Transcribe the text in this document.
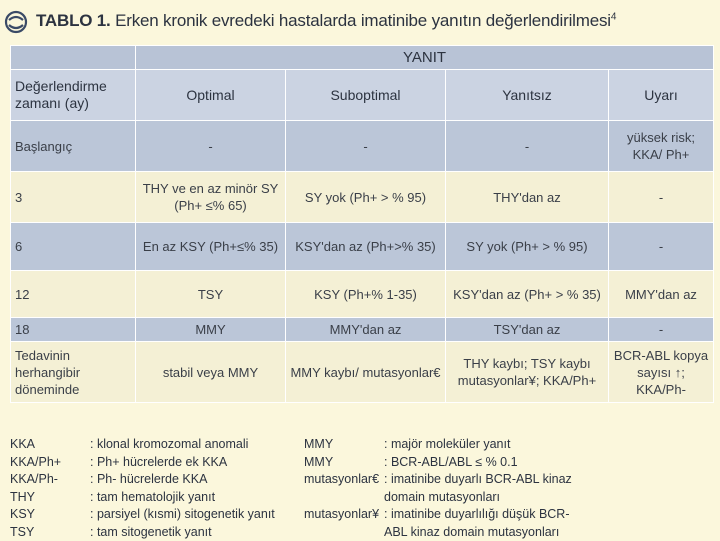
TABLO 1. Erken kronik evredeki hastalarda imatinibe yanıtın değerlendirilmesi$^4$
	YANIT			
Değerlendirme zamanı (ay)	Optimal	Suboptimal	Yanıtsız	Uyarı
Başlangıç	-	-	-	yüksek risk; KKA/ Ph+
3	THY ve en az minör SY (Ph+ ≤% 65)	SY yok (Ph+ > % 95)	THY'dan az	-
6	En az KSY (Ph+≤% 35)	KSY'dan az (Ph+>% 35)	SY yok (Ph+ > % 95)	-
12	TSY	KSY (Ph+% 1-35)	KSY'dan az (Ph+ > % 35)	MMY'dan az
18	MMY	MMY'dan az	TSY'dan az	-
Tedavinin herhangibir döneminde	stabil veya MMY	MMY kaybı/ mutasyonlar€	THY kaybı; TSY kaybı mutasyonlar¥; KKA/Ph+	BCR-ABL kopya sayısı ↑; KKA/Ph-
KKA	: klonal kromozomal anomali
KKA/Ph+ : Ph+ hücrelerde ek KKA
KKA/Ph-	: Ph- hücrelerde KKA
THY	: tam hematolojik yanıt
KSY	: parsiyel (kısmi) sitogenetik yanıt
TSY	: tam sitogenetik yanıt
MMY	: majör moleküler yanıt
MMY	: BCR-ABL/ABL ≤ % 0.1
mutasyonlar€ : imatinibe duyarlı BCR-ABL kinaz
domain mutasyonları
mutasyonlar¥ : imatinibe duyarlılığı düşük BCR-
ABL kinaz domain mutasyonları
